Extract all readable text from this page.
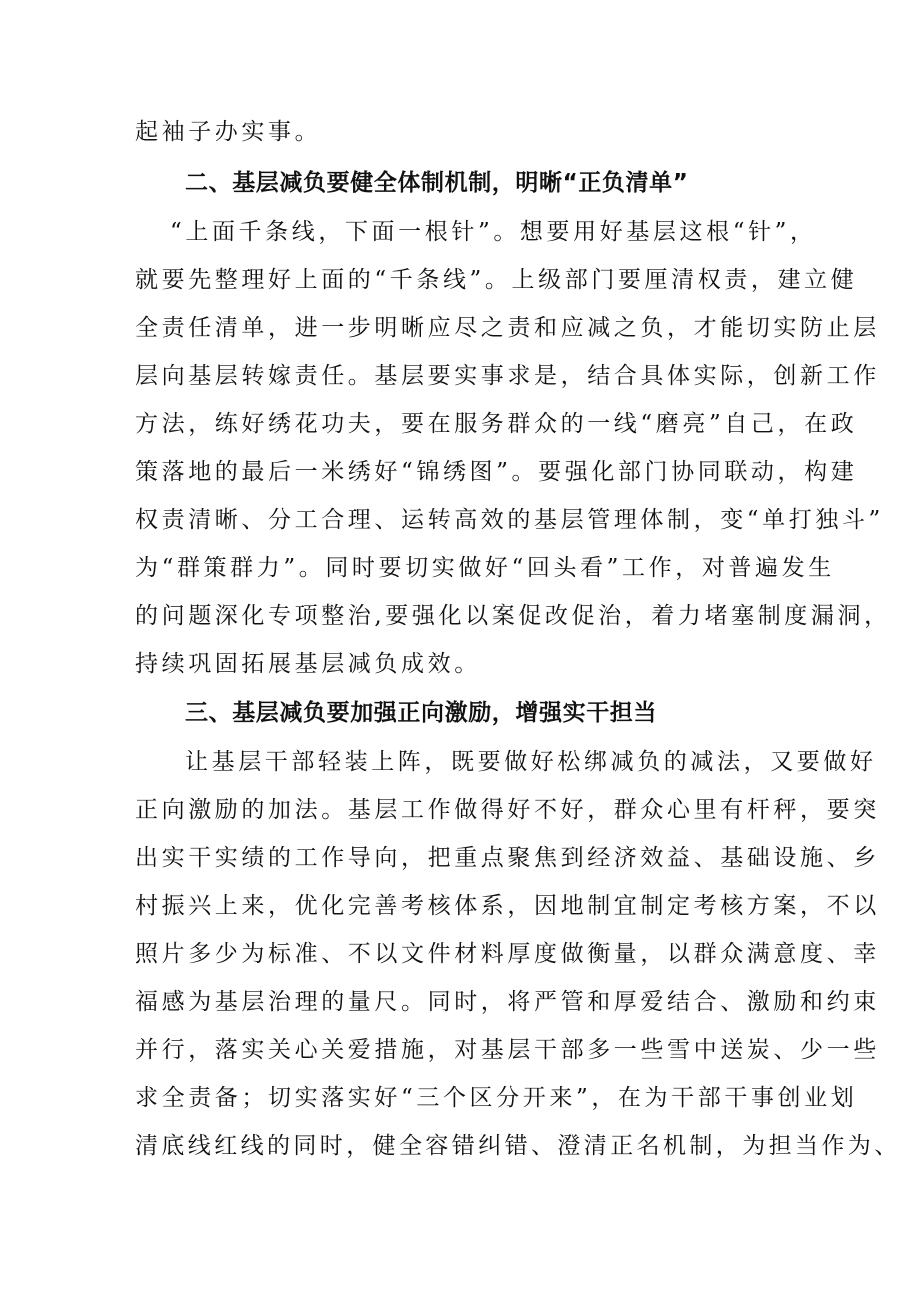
起袖子办实事。
二、基层减负要健全体制机制，明晰“正负清单”
“上面千条线，下面一根针”。想要用好基层这根“针”，
就要先整理好上面的“千条线”。上级部门要厘清权责，建立健
全责任清单，进一步明晰应尽之责和应减之负，才能切实防止层
层向基层转嫁责任。基层要实事求是，结合具体实际，创新工作
方法，练好绣花功夫，要在服务群众的一线“磨亮”自己，在政
策落地的最后一米绣好“锦绣图”。要强化部门协同联动，构建
权责清晰、分工合理、运转高效的基层管理体制，变“单打独斗”
为“群策群力”。同时要切实做好“回头看”工作，对普遍发生
的问题深化专项整治,要强化以案促改促治，着力堵塞制度漏洞，
持续巩固拓展基层减负成效。
三、基层减负要加强正向激励，增强实干担当
让基层干部轻装上阵，既要做好松绑减负的减法，又要做好
正向激励的加法。基层工作做得好不好，群众心里有杆秤，要突
出实干实绩的工作导向，把重点聚焦到经济效益、基础设施、乡
村振兴上来，优化完善考核体系，因地制宜制定考核方案，不以
照片多少为标准、不以文件材料厚度做衡量，以群众满意度、幸
福感为基层治理的量尺。同时，将严管和厚爱结合、激励和约束
并行，落实关心关爱措施，对基层干部多一些雪中送炭、少一些
求全责备；切实落实好“三个区分开来”，在为干部干事创业划
清底线红线的同时，健全容错纠错、澄清正名机制，为担当作为、
